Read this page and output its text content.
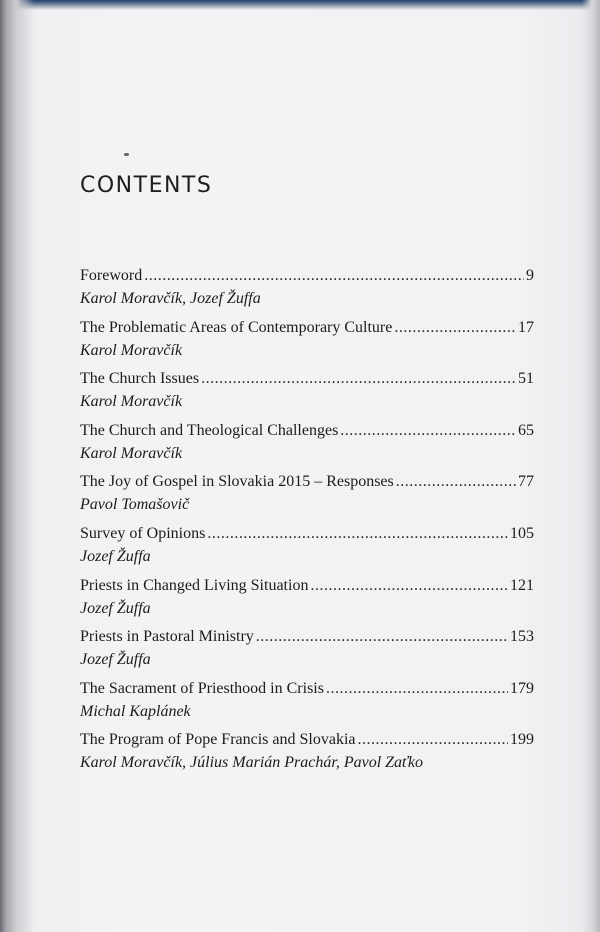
CONTENTS
Foreword .....	9
Karol Moravčík, Jozef Žuffa
The Problematic Areas of Contemporary Culture .....	17
Karol Moravčík
The Church Issues .....	51
Karol Moravčík
The Church and Theological Challenges .....	65
Karol Moravčík
The Joy of Gospel in Slovakia 2015 – Responses .....	77
Pavol Tomašovič
Survey of Opinions .....	105
Jozef Žuffa
Priests in Changed Living Situation .....	121
Jozef Žuffa
Priests in Pastoral Ministry .....	153
Jozef Žuffa
The Sacrament of Priesthood in Crisis .....	179
Michal Kaplánek
The Program of Pope Francis and Slovakia .....	199
Karol Moravčík, Július Marián Prachár, Pavol Zaťko
